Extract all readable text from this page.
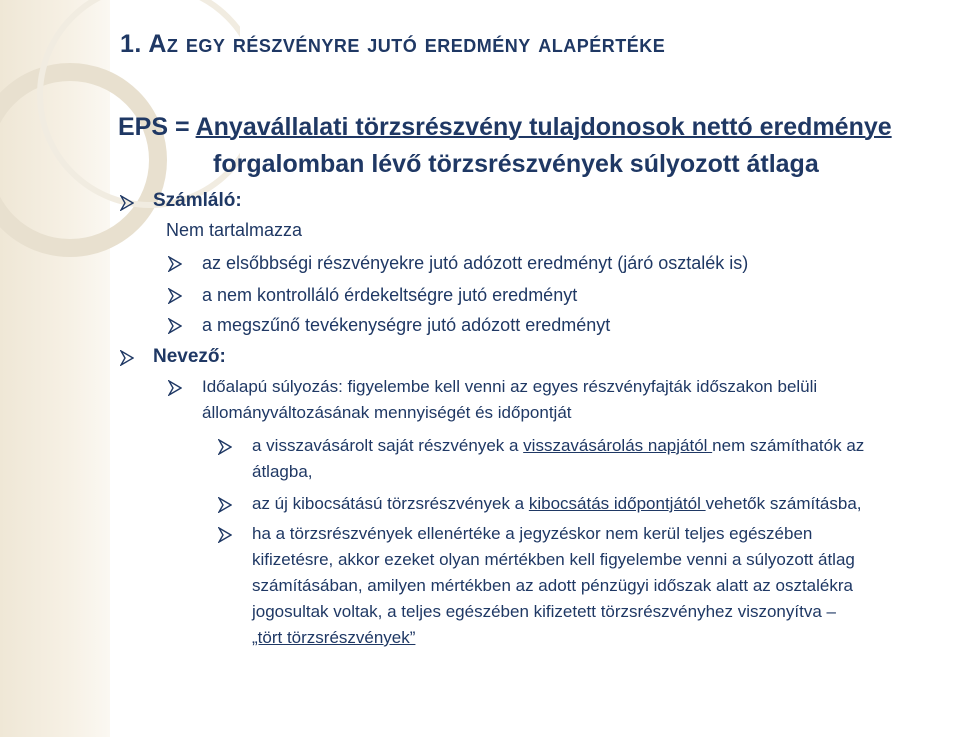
1. Az egy részvényre jutó eredmény alapértéke
EPS = Anyavállalati törzsrészvény tulajdonosok nettó eredménye
forgalomban lévő törzsrészvények súlyozott átlaga
Számláló:
Nem tartalmazza
az elsőbbségi részvényekre jutó adózott eredményt (járó osztalék is)
a nem kontrolláló érdekeltségre jutó eredményt
a megszűnő tevékenységre jutó adózott eredményt
Nevező:
Időalapú súlyozás: figyelembe kell venni az egyes részvényfajták időszakon belüli
állományváltozásának mennyiségét és időpontját
a visszavásárolt saját részvények a visszavásárolás napjától nem számíthatók az
átlagba,
az új kibocsátású törzsrészvények a kibocsátás időpontjától vehetők számításba,
ha a törzsrészvények ellenértéke a jegyzéskor nem kerül teljes egészében
kifizetésre, akkor ezeket olyan mértékben kell figyelembe venni a súlyozott átlag
számításában, amilyen mértékben az adott pénzügyi időszak alatt az osztalékra
jogosultak voltak, a teljes egészében kifizetett törzsrészvényhez viszonyítva –
„tört törzsrészvények”
